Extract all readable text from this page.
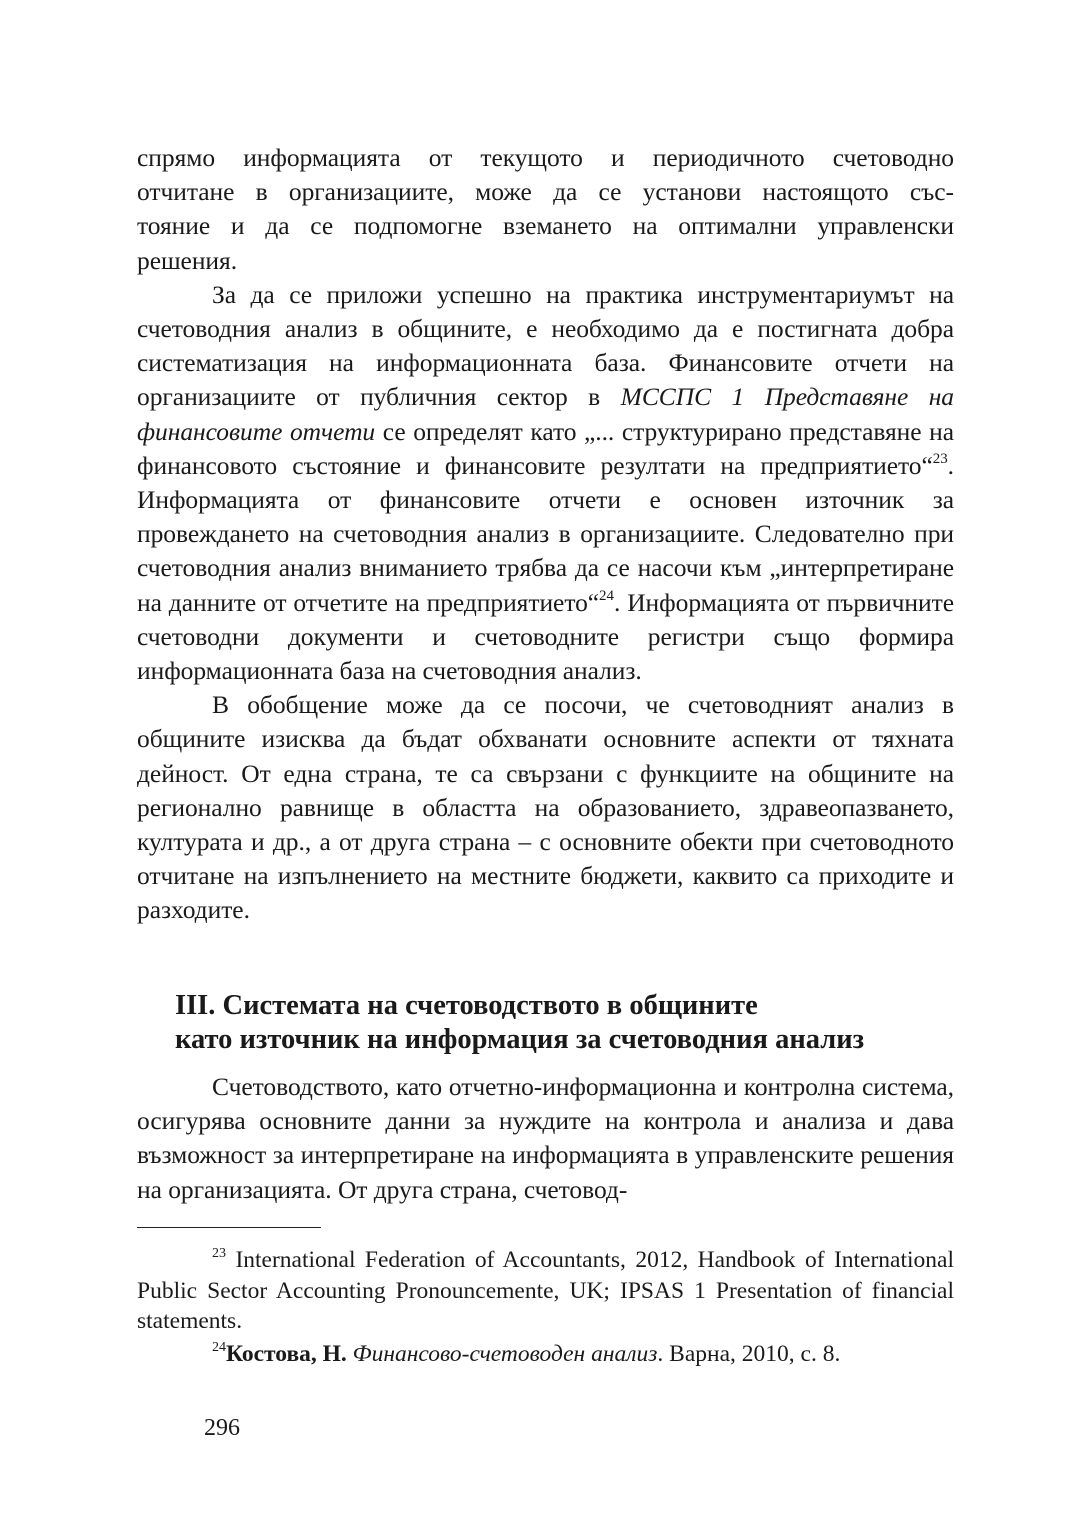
спрямо информацията от текущото и периодичното счетоводно
отчитане в организациите, може да се установи настоящото със-
тояние и да се подпомогне вземането на оптимални управленски
решения.

За да се приложи успешно на практика инструментариумът на счетоводния анализ в общините, е необходимо да е постигната добра систематизация на информационната база. Финансовите отчети на организациите от публичния сектор в МССПС 1 Представяне на финансовите отчети се определят като „... структурирано представяне на финансовото състояние и финансовите резултати на предприятието“$^{23}$. Информацията от финансовите отчети е основен източник за провеждането на счетоводния анализ в организациите. Следователно при счетоводния анализ вниманието трябва да се насочи към „интерпретиране на данните от отчетите на предприятието“$^{24}$. Информацията от първичните счетоводни документи и счетоводните регистри също формира информационната база на счетоводния анализ.

В обобщение може да се посочи, че счетоводният анализ в общините изисква да бъдат обхванати основните аспекти от тяхната дейност. От една страна, те са свързани с функциите на общините на регионално равнище в областта на образованието, здравеопазването, културата и др., а от друга страна – с основните обекти при счетоводното отчитане на изпълнението на местните бюджети, каквито са приходите и разходите.

III. Системата на счетоводството в общините
като източник на информация за счетоводния анализ

Счетоводството, като отчетно-информационна и контролна система, осигурява основните данни за нуждите на контрола и анализа и дава възможност за интерпретиране на информацията в управленските решения на организацията. От друга страна, счетовод-

$^{23}$ International Federation of Accountants, 2012, Handbook of International Public Sector Accounting Pronouncemente, UK; IPSAS 1 Presentation of financial statements.

$^{24}$Костова, Н. Финансово-счетоводен анализ. Варна, 2010, с. 8.

296
